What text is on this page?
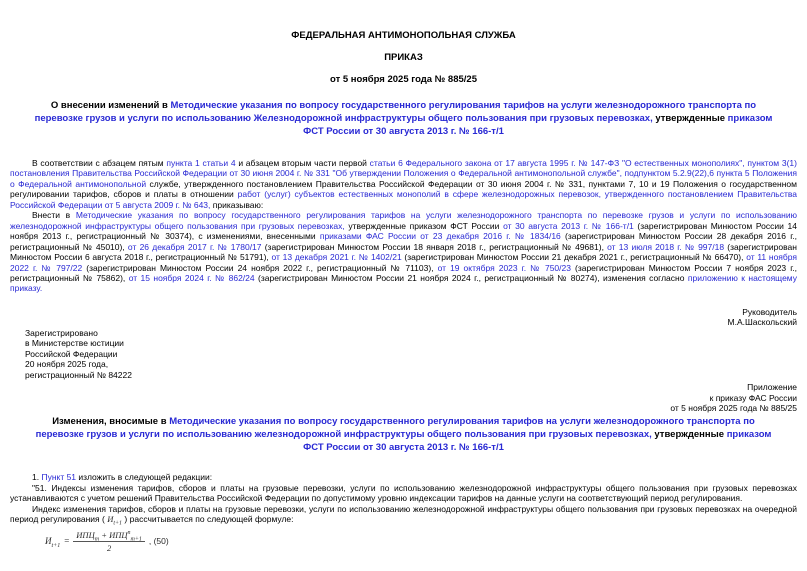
ФЕДЕРАЛЬНАЯ АНТИМОНОПОЛЬНАЯ СЛУЖБА

ПРИКАЗ

от 5 ноября 2025 года № 885/25

О внесении изменений в Методические указания по вопросу государственного регулирования тарифов на услуги железнодорожного транспорта по перевозке грузов и услуги по использованию Железнодорожной инфраструктуры общего пользования при грузовых перевозках, утвержденные приказом ФСТ России от 30 августа 2013 г. № 166-т/1

В соответствии с абзацем пятым пункта 1 статьи 4 и абзацем вторым части первой статьи 6 Федерального закона от 17 августа 1995 г. № 147-ФЗ "О естественных монополиях", пунктом 3(1) постановления Правительства Российской Федерации от 30 июня 2004 г. № 331 "Об утверждении Положения о Федеральной антимонопольной службе", подпунктом 5.2.9(22),6 пункта 5 Положения о Федеральной антимонопольной службе, утвержденного постановлением Правительства Российской Федерации от 30 июня 2004 г. № 331, пунктами 7, 10 и 19 Положения о государственном регулировании тарифов, сборов и платы в отношении работ (услуг) субъектов естественных монополий в сфере железнодорожных перевозок, утвержденного постановлением Правительства Российской Федерации от 5 августа 2009 г. № 643, приказываю:

Внести в Методические указания по вопросу государственного регулирования тарифов на услуги железнодорожного транспорта по перевозке грузов и услуги по использованию железнодорожной инфраструктуры общего пользования при грузовых перевозках, утвержденные приказом ФСТ России от 30 августа 2013 г. № 166-т/1 (зарегистрирован Минюстом России 14 ноября 2013 г., регистрационный № 30374), с изменениями, внесенными приказами ФАС России от 23 декабря 2016 г. № 1834/16 (зарегистрирован Минюстом России 28 декабря 2016 г., регистрационный № 45010), от 26 декабря 2017 г. № 1780/17 (зарегистрирован Минюстом России 18 января 2018 г., регистрационный № 49681), от 13 июля 2018 г. № 997/18 (зарегистрирован Минюстом России 6 августа 2018 г., регистрационный № 51791), от 13 декабря 2021 г. № 1402/21 (зарегистрирован Минюстом России 21 декабря 2021 г., регистрационный № 66470), от 11 ноября 2022 г. № 797/22 (зарегистрирован Минюстом России 24 ноября 2022 г., регистрационный № 71103), от 19 октября 2023 г. № 750/23 (зарегистрирован Минюстом России 7 ноября 2023 г., регистрационный № 75862), от 15 ноября 2024 г. № 862/24 (зарегистрирован Минюстом России 21 ноября 2024 г., регистрационный № 80274), изменения согласно приложению к настоящему приказу.

Руководитель
М.А.Шаскольский
Зарегистрировано
в Министерстве юстиции
Российской Федерации
20 ноября 2025 года,
регистрационный № 84222
Приложение
к приказу ФАС России
от 5 ноября 2025 года № 885/25

Изменения, вносимые в Методические указания по вопросу государственного регулирования тарифов на услуги железнодорожного транспорта по перевозке грузов и услуги по использованию железнодорожной инфраструктуры общего пользования при грузовых перевозках, утвержденные приказом ФСТ России от 30 августа 2013 г. № 166-т/1

1. Пункт 51 изложить в следующей редакции:

"51. Индексы изменения тарифов, сборов и платы на грузовые перевозки, услуги по использованию железнодорожной инфраструктуры общего пользования при грузовых перевозках устанавливаются с учетом решений Правительства Российской Федерации по допустимому уровню индексации тарифов на данные услуги на соответствующий период регулирования.

Индекс изменения тарифов, сборов и платы на грузовые перевозки, услуги по использованию железнодорожной инфраструктуры общего пользования при грузовых перевозках на очередной период регулирования ( $И_{t+1}$ ) рассчитывается по следующей формуле:

$И_{t+1} = \frac{ИПЦ_т + ИПЦ^п_{т+1}}{2}$ , (50)
